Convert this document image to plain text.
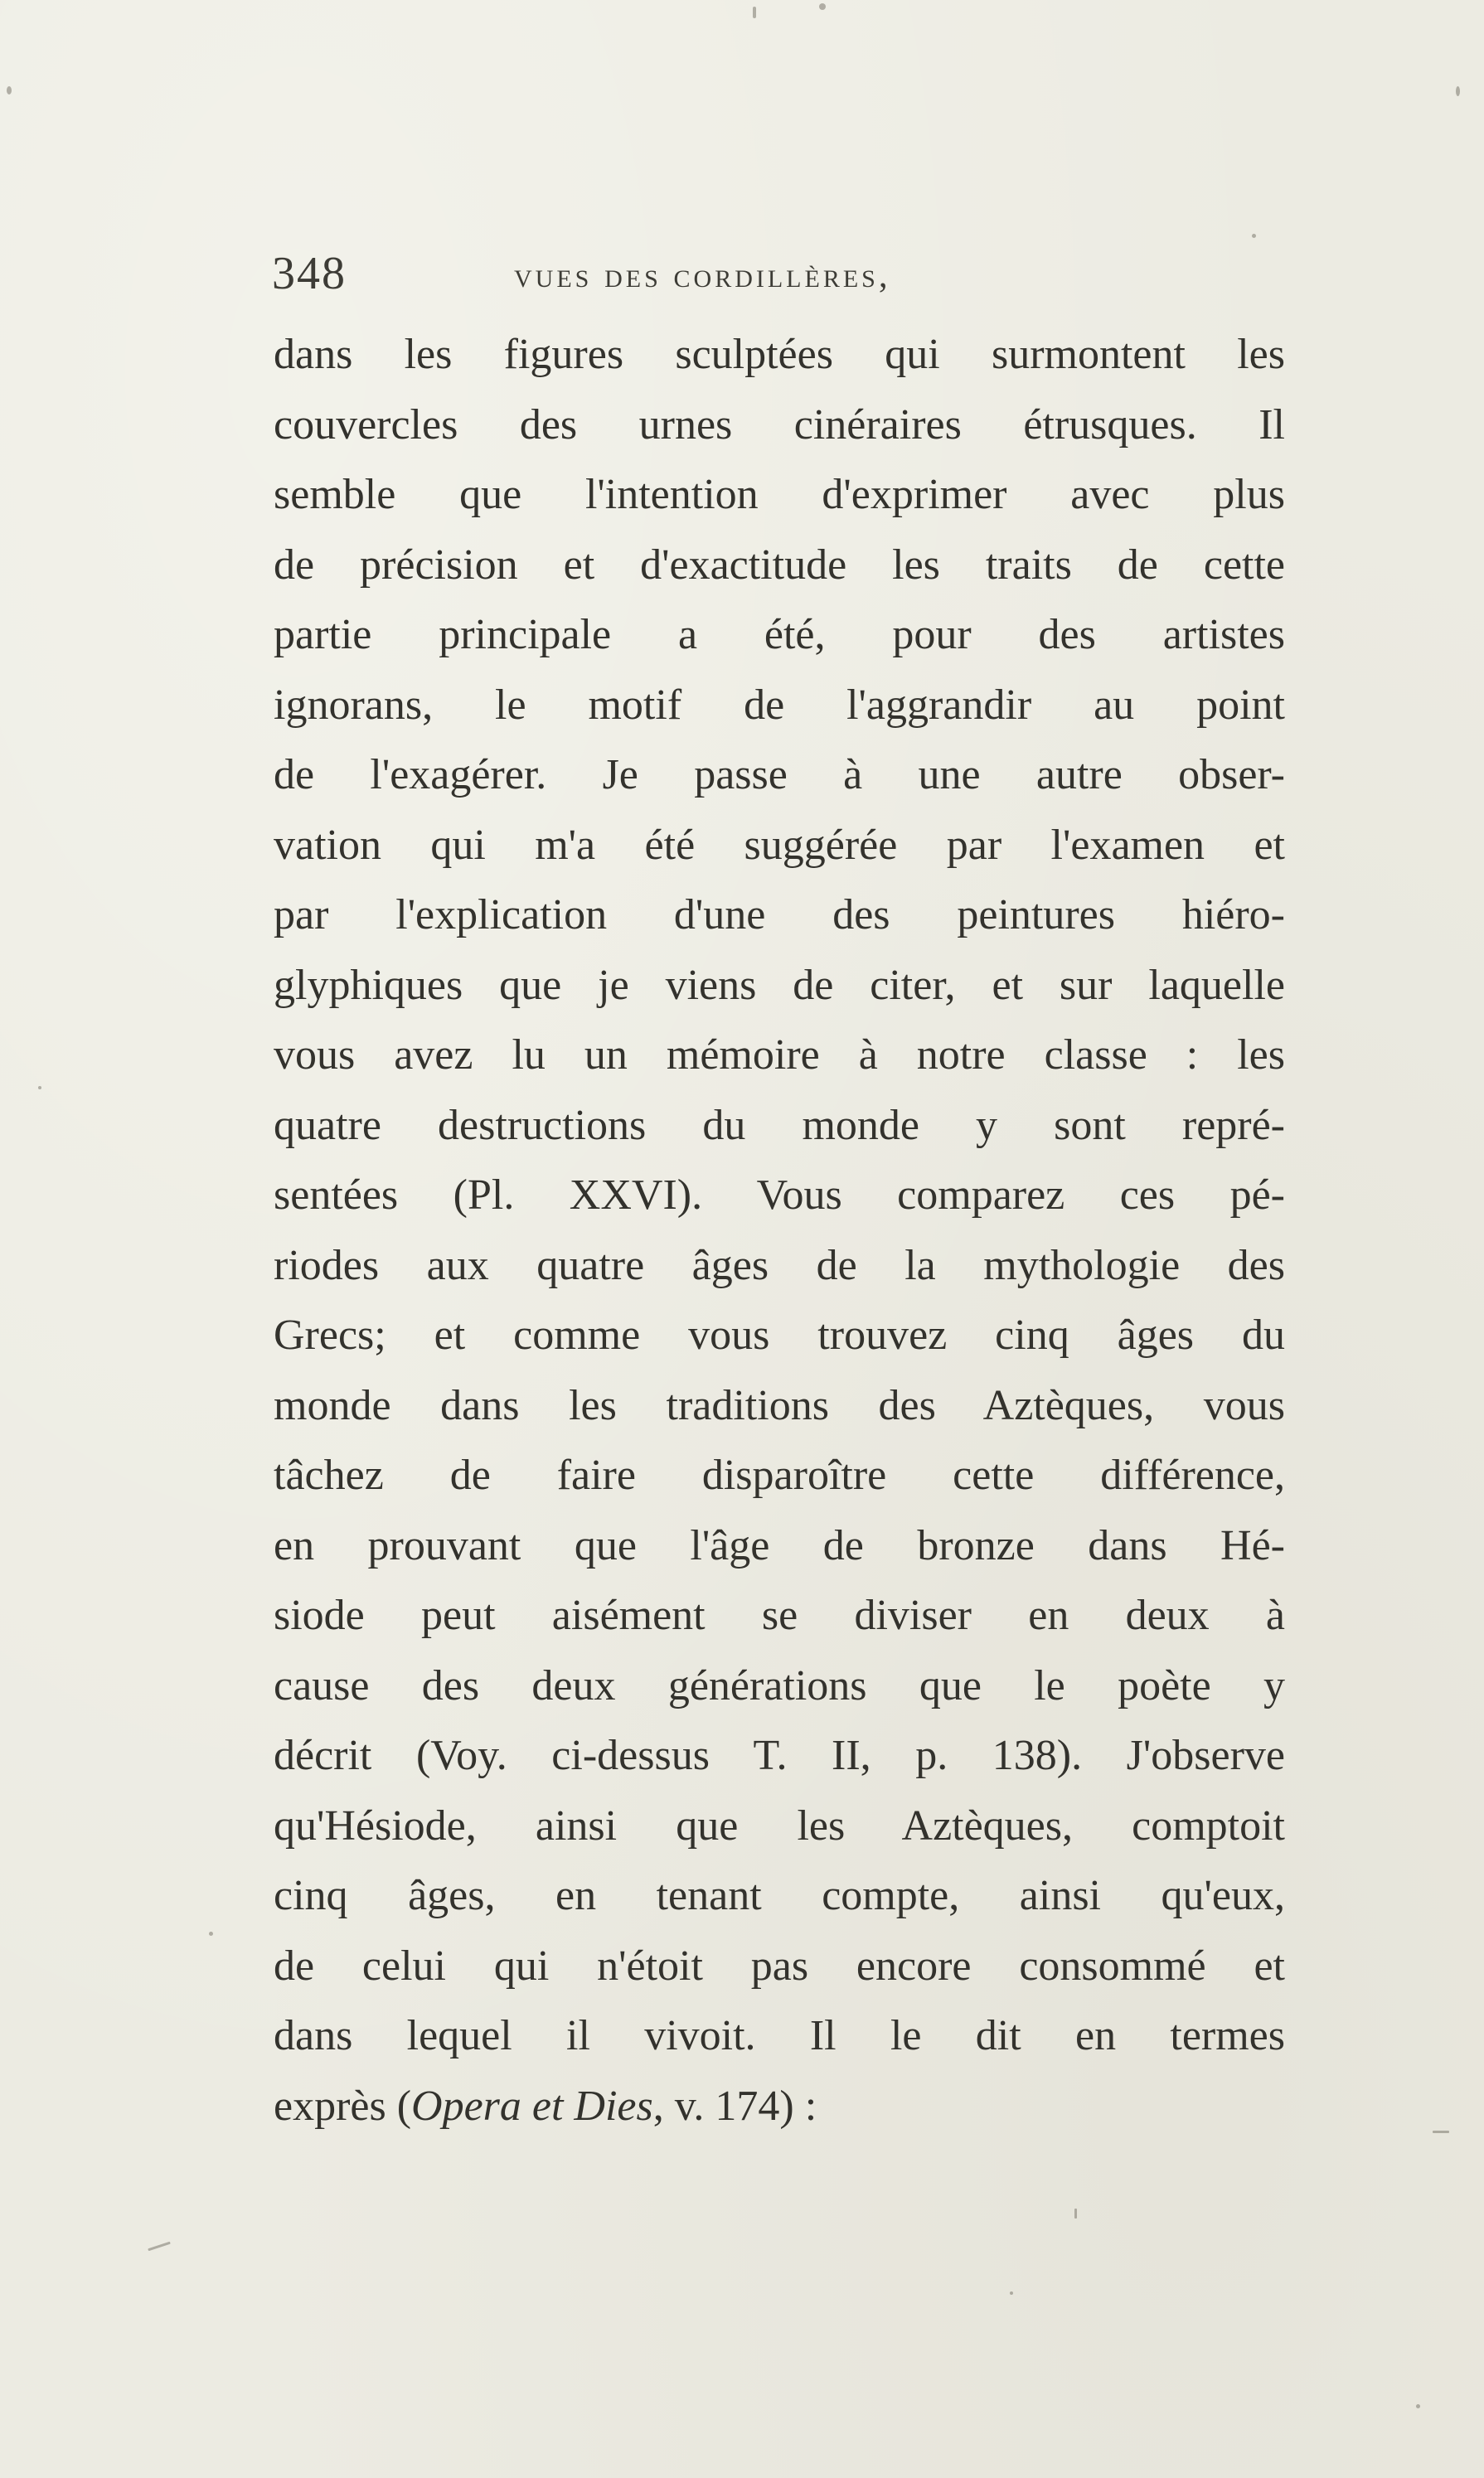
348	vues des cordillères,
dans les figures sculptées qui surmontent les
couvercles des urnes cinéraires étrusques. Il
semble que l'intention d'exprimer avec plus
de précision et d'exactitude les traits de cette
partie principale a été, pour des artistes
ignorans, le motif de l'aggrandir au point
de l'exagérer. Je passe à une autre obser-
vation qui m'a été suggérée par l'examen et
par l'explication d'une des peintures hiéro-
glyphiques que je viens de citer, et sur laquelle
vous avez lu un mémoire à notre classe : les
quatre destructions du monde y sont repré-
sentées (Pl. XXVI). Vous comparez ces pé-
riodes aux quatre âges de la mythologie des
Grecs; et comme vous trouvez cinq âges du
monde dans les traditions des Aztèques, vous
tâchez de faire disparoître cette différence,
en prouvant que l'âge de bronze dans Hé-
siode peut aisément se diviser en deux à
cause des deux générations que le poète y
décrit (Voy. ci-dessus T. II, p. 138). J'observe
qu'Hésiode, ainsi que les Aztèques, comptoit
cinq âges, en tenant compte, ainsi qu'eux,
de celui qui n'étoit pas encore consommé et
dans lequel il vivoit. Il le dit en termes
exprès (Opera et Dies, v. 174) :
